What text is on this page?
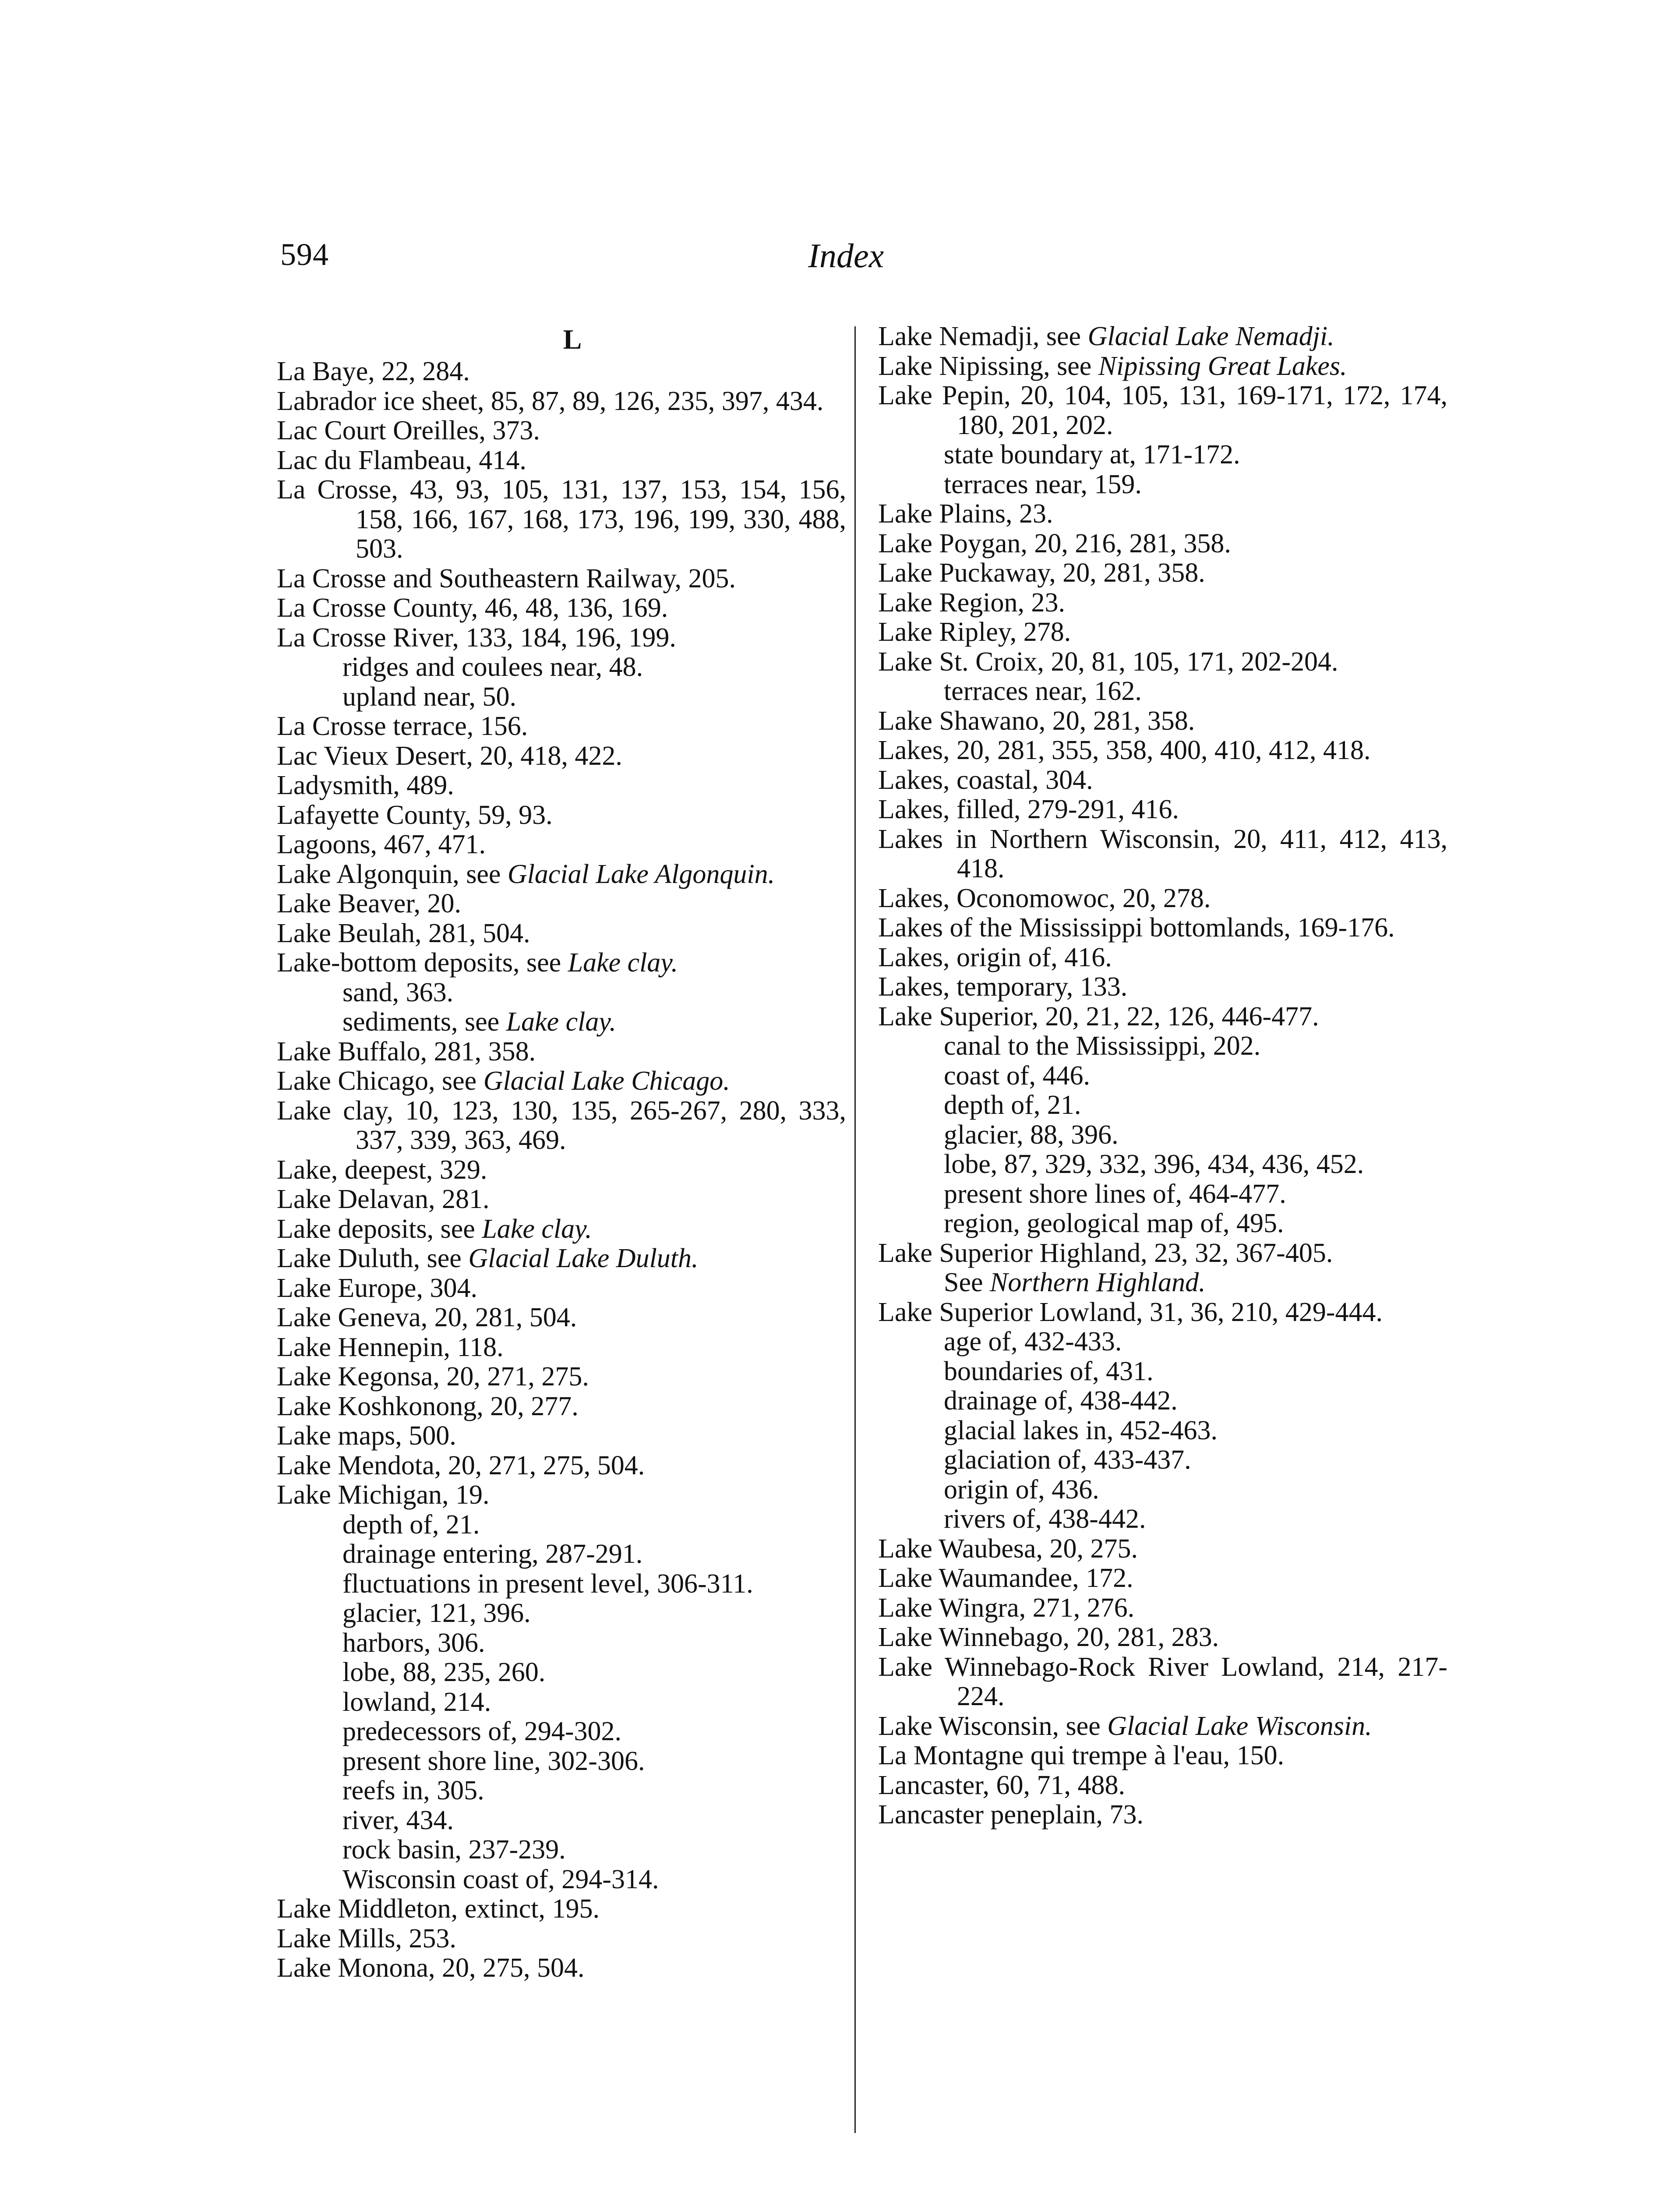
594	Index
L
La Baye, 22, 284.
Labrador ice sheet, 85, 87, 89, 126, 235, 397, 434.
Lac Court Oreilles, 373.
Lac du Flambeau, 414.
La Crosse, 43, 93, 105, 131, 137, 153, 154, 156, 158, 166, 167, 168, 173, 196, 199, 330, 488, 503.
La Crosse and Southeastern Railway, 205.
La Crosse County, 46, 48, 136, 169.
La Crosse River, 133, 184, 196, 199.
ridges and coulees near, 48.
upland near, 50.
La Crosse terrace, 156.
Lac Vieux Desert, 20, 418, 422.
Ladysmith, 489.
Lafayette County, 59, 93.
Lagoons, 467, 471.
Lake Algonquin, see Glacial Lake Algonquin.
Lake Beaver, 20.
Lake Beulah, 281, 504.
Lake-bottom deposits, see Lake clay.
sand, 363.
sediments, see Lake clay.
Lake Buffalo, 281, 358.
Lake Chicago, see Glacial Lake Chicago.
Lake clay, 10, 123, 130, 135, 265-267, 280, 333, 337, 339, 363, 469.
Lake, deepest, 329.
Lake Delavan, 281.
Lake deposits, see Lake clay.
Lake Duluth, see Glacial Lake Duluth.
Lake Europe, 304.
Lake Geneva, 20, 281, 504.
Lake Hennepin, 118.
Lake Kegonsa, 20, 271, 275.
Lake Koshkonong, 20, 277.
Lake maps, 500.
Lake Mendota, 20, 271, 275, 504.
Lake Michigan, 19.
depth of, 21.
drainage entering, 287-291.
fluctuations in present level, 306-311.
glacier, 121, 396.
harbors, 306.
lobe, 88, 235, 260.
lowland, 214.
predecessors of, 294-302.
present shore line, 302-306.
reefs in, 305.
river, 434.
rock basin, 237-239.
Wisconsin coast of, 294-314.
Lake Middleton, extinct, 195.
Lake Mills, 253.
Lake Monona, 20, 275, 504.
Lake Nemadji, see Glacial Lake Nemadji.
Lake Nipissing, see Nipissing Great Lakes.
Lake Pepin, 20, 104, 105, 131, 169-171, 172, 174, 180, 201, 202.
state boundary at, 171-172.
terraces near, 159.
Lake Plains, 23.
Lake Poygan, 20, 216, 281, 358.
Lake Puckaway, 20, 281, 358.
Lake Region, 23.
Lake Ripley, 278.
Lake St. Croix, 20, 81, 105, 171, 202-204.
terraces near, 162.
Lake Shawano, 20, 281, 358.
Lakes, 20, 281, 355, 358, 400, 410, 412, 418.
Lakes, coastal, 304.
Lakes, filled, 279-291, 416.
Lakes in Northern Wisconsin, 20, 411, 412, 413, 418.
Lakes, Oconomowoc, 20, 278.
Lakes of the Mississippi bottomlands, 169-176.
Lakes, origin of, 416.
Lakes, temporary, 133.
Lake Superior, 20, 21, 22, 126, 446-477.
canal to the Mississippi, 202.
coast of, 446.
depth of, 21.
glacier, 88, 396.
lobe, 87, 329, 332, 396, 434, 436, 452.
present shore lines of, 464-477.
region, geological map of, 495.
Lake Superior Highland, 23, 32, 367-405.
See Northern Highland.
Lake Superior Lowland, 31, 36, 210, 429-444.
age of, 432-433.
boundaries of, 431.
drainage of, 438-442.
glacial lakes in, 452-463.
glaciation of, 433-437.
origin of, 436.
rivers of, 438-442.
Lake Waubesa, 20, 275.
Lake Waumandee, 172.
Lake Wingra, 271, 276.
Lake Winnebago, 20, 281, 283.
Lake Winnebago-Rock River Lowland, 214, 217-224.
Lake Wisconsin, see Glacial Lake Wisconsin.
La Montagne qui trempe à l'eau, 150.
Lancaster, 60, 71, 488.
Lancaster peneplain, 73.
